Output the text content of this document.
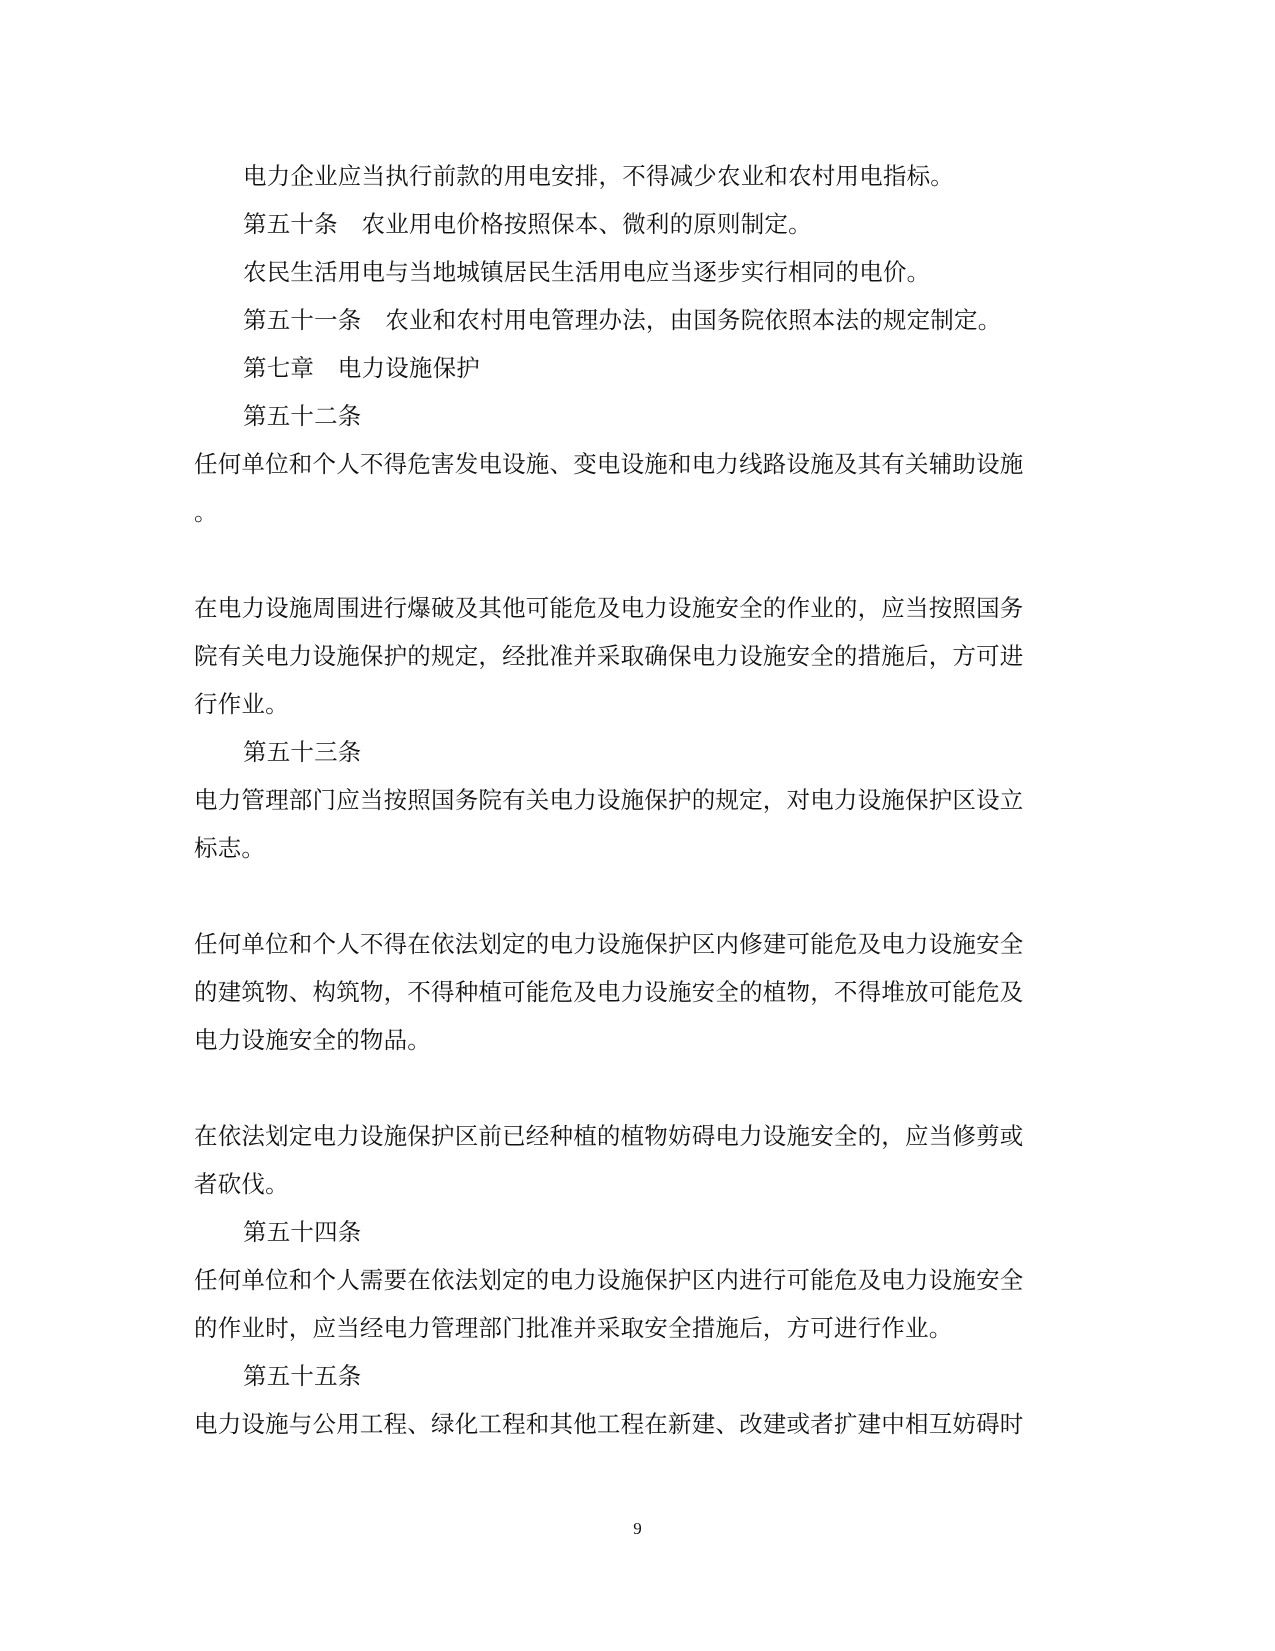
电力企业应当执行前款的用电安排，不得减少农业和农村用电指标。
第五十条　农业用电价格按照保本、微利的原则制定。
农民生活用电与当地城镇居民生活用电应当逐步实行相同的电价。
第五十一条　农业和农村用电管理办法，由国务院依照本法的规定制定。
第七章　电力设施保护
第五十二条
任何单位和个人不得危害发电设施、变电设施和电力线路设施及其有关辅助设施
。
在电力设施周围进行爆破及其他可能危及电力设施安全的作业的，应当按照国务
院有关电力设施保护的规定，经批准并采取确保电力设施安全的措施后，方可进
行作业。
第五十三条
电力管理部门应当按照国务院有关电力设施保护的规定，对电力设施保护区设立
标志。
任何单位和个人不得在依法划定的电力设施保护区内修建可能危及电力设施安全
的建筑物、构筑物，不得种植可能危及电力设施安全的植物，不得堆放可能危及
电力设施安全的物品。
在依法划定电力设施保护区前已经种植的植物妨碍电力设施安全的，应当修剪或
者砍伐。
第五十四条
任何单位和个人需要在依法划定的电力设施保护区内进行可能危及电力设施安全
的作业时，应当经电力管理部门批准并采取安全措施后，方可进行作业。
第五十五条
电力设施与公用工程、绿化工程和其他工程在新建、改建或者扩建中相互妨碍时
9
